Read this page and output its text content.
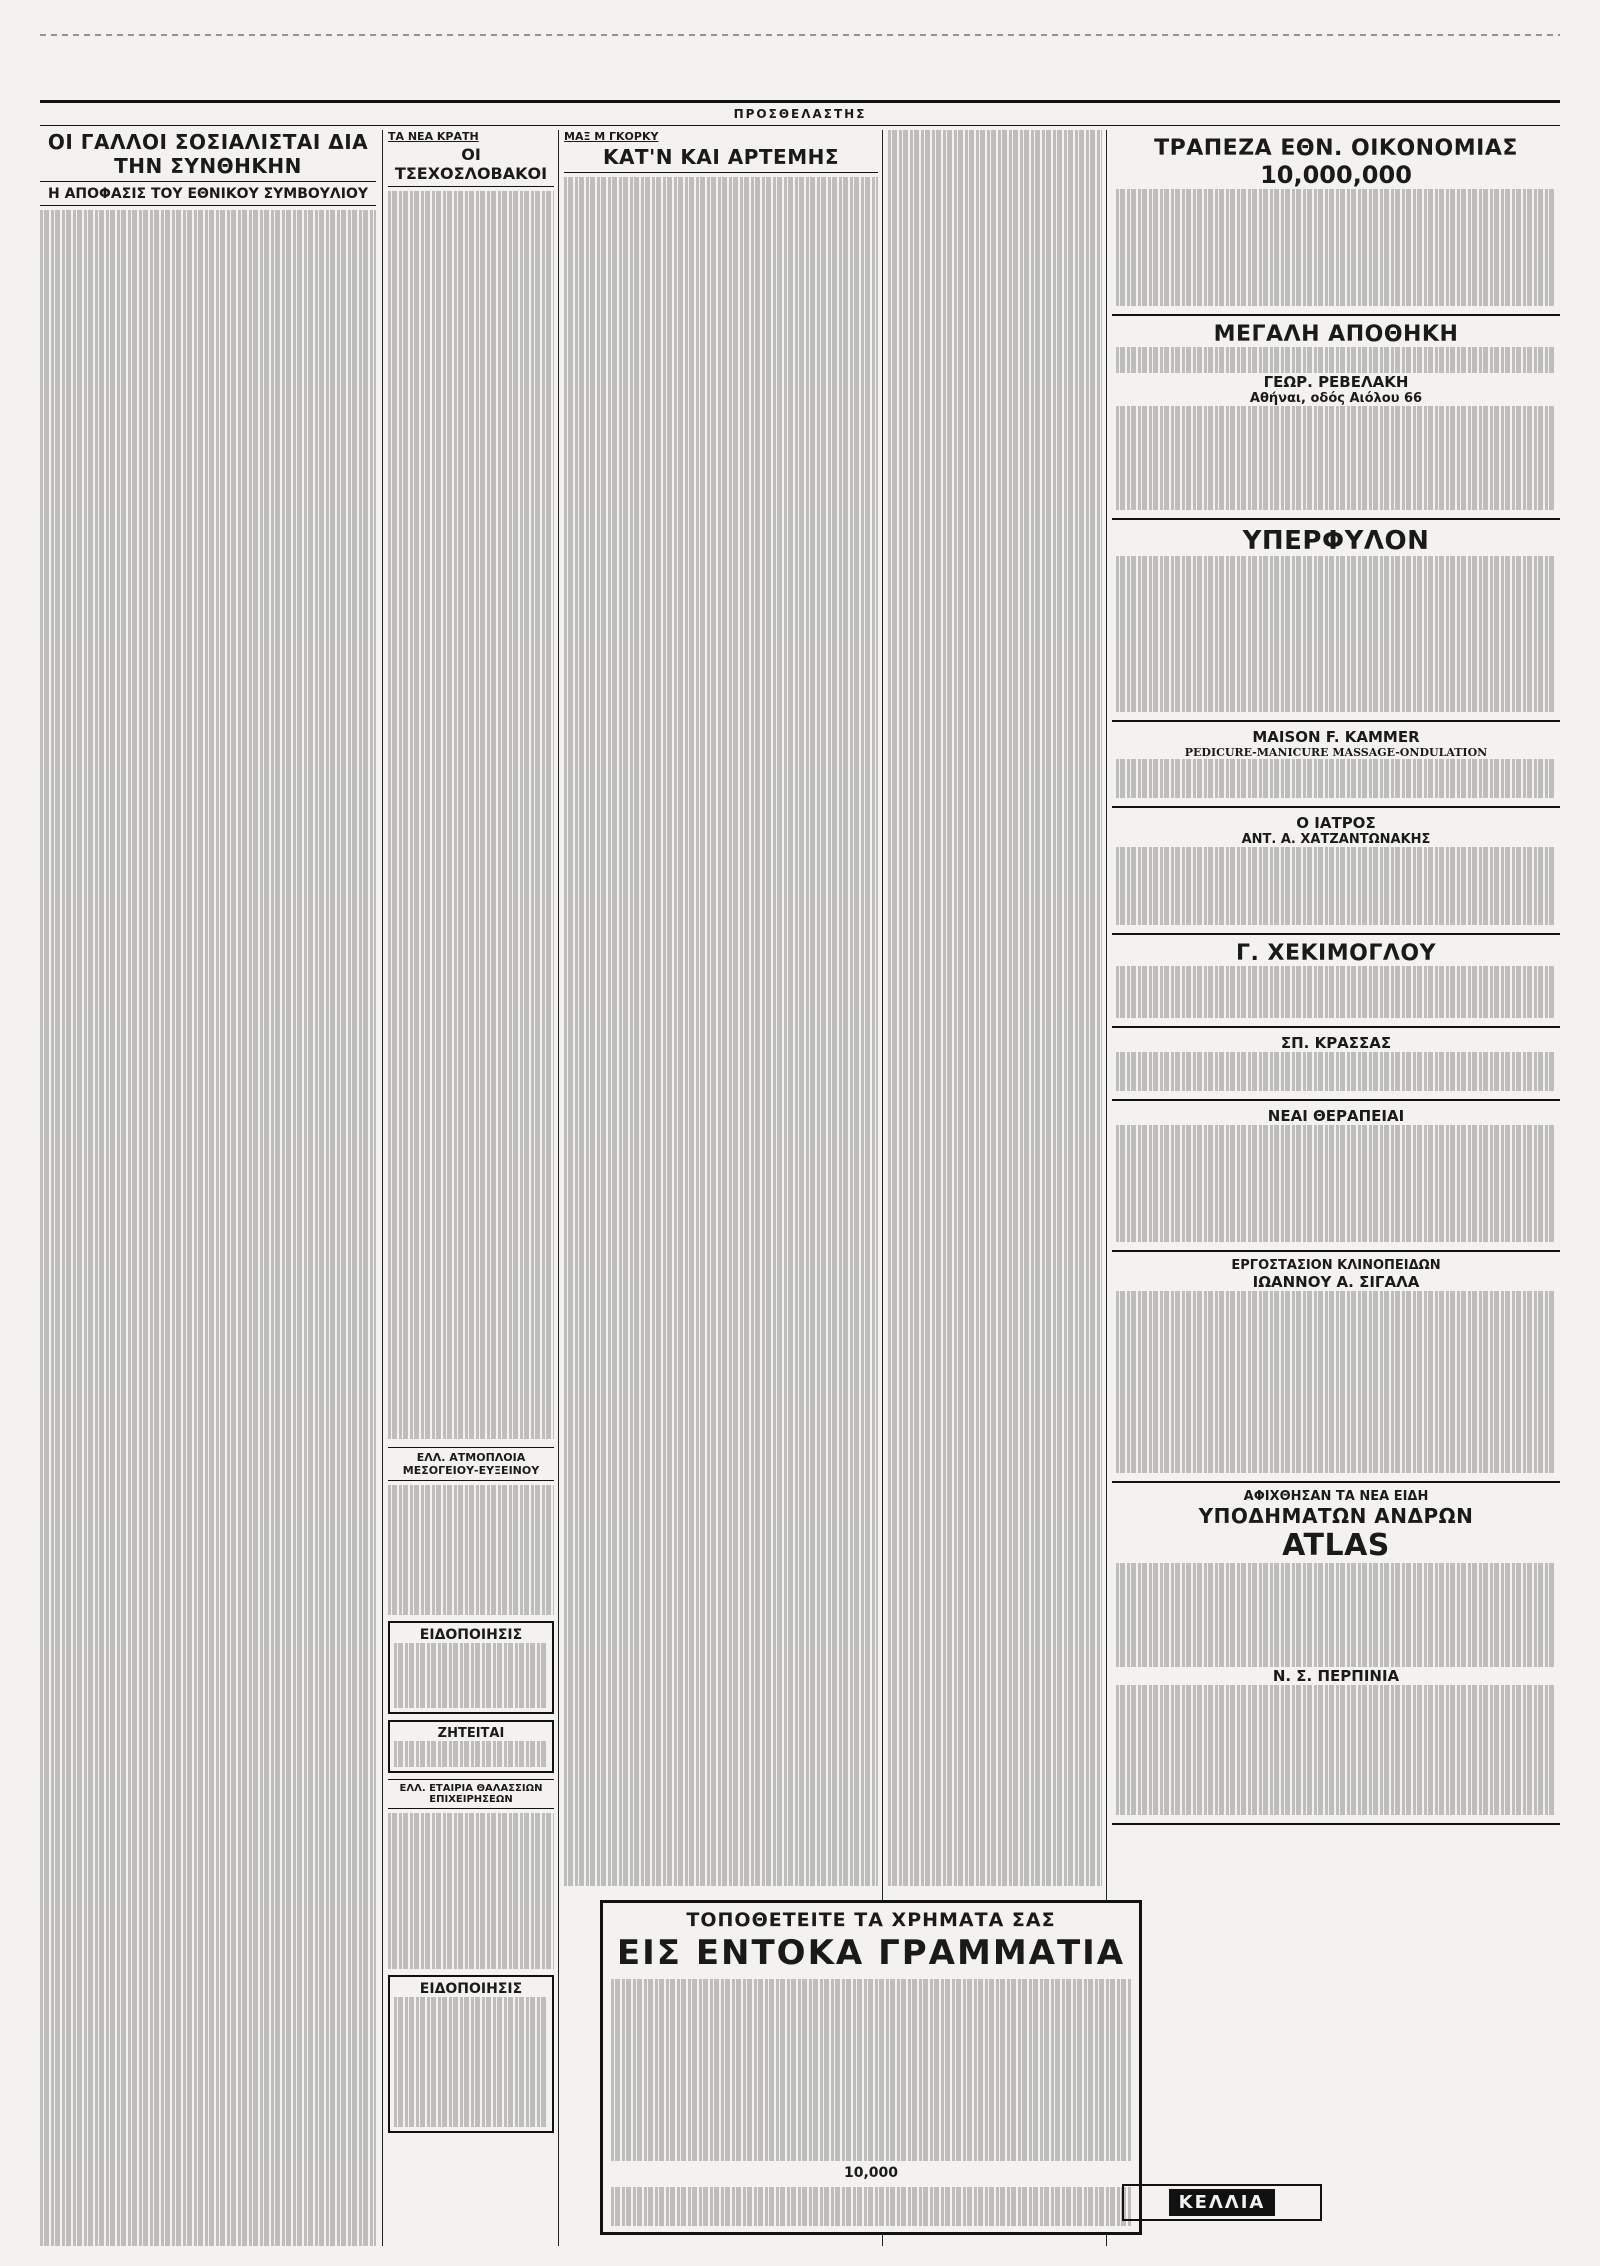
ΠΡΟΣΘΕΛΑΣΤΗΣ
ΟΙ ΓΑΛΛΟΙ ΣΟΣΙΑΛΙΣΤΑΙ ΔΙΑ ΤΗΝ ΣΥΝΘΗΚΗΝ
Η ΑΠΟΦΑΣΙΣ ΤΟΥ ΕΘΝΙΚΟΥ ΣΥΜΒΟΥΛΙΟΥ
ΤΑ ΝΕΑ ΚΡΑΤΗ
ΟΙ ΤΣΕΧΟΣΛΟΒΑΚΟΙ
ΕΛΛ. ΑΤΜΟΠΛΟΙΑ ΜΕΣΟΓΕΙΟΥ-ΕΥΞΕΙΝΟΥ
ΕΙΔΟΠΟΙΗΣΙΣ
ΖΗΤΕΙΤΑΙ
ΕΛΛ. ΕΤΑΙΡΙΑ ΘΑΛΑΣΣΙΩΝ ΕΠΙΧΕΙΡΗΣΕΩΝ
ΕΙΔΟΠΟΙΗΣΙΣ
ΜΑΞ Μ ΓΚΟΡΚΥ
ΚΑΤ'Ν ΚΑΙ ΑΡΤΕΜΗΣ
ΤΟΠΟΘΕΤΕΙΤΕ ΤΑ ΧΡΗΜΑΤΑ ΣΑΣ
ΕΙΣ ΕΝΤΟΚΑ ΓΡΑΜΜΑΤΙΑ
10,000
ΚΕΛΛΙΑ
ΤΡΑΠΕΖΑ ΕΘΝ. ΟΙΚΟΝΟΜΙΑΣ
10,000,000
ΜΕΓΑΛΗ ΑΠΟΘΗΚΗ
ΓΕΩΡ. ΡΕΒΕΛΑΚΗ
Αθήναι, οδός Αιόλου 66
ΥΠΕΡΦΥΛΟΝ
MAISON F. KAMMER
PEDICURE-MANICURE MASSAGE-ONDULATION
Ο ΙΑΤΡΟΣ
ΑΝΤ. Α. ΧΑΤΖΑΝΤΩΝΑΚΗΣ
Γ. ΧΕΚΙΜΟΓΛΟΥ
ΣΠ. ΚΡΑΣΣΑΣ
ΝΕΑΙ ΘΕΡΑΠΕΙΑΙ
ΕΡΓΟΣΤΑΣΙΟΝ ΚΛΙΝΟΠΕΙΔΩΝ
ΙΩΑΝΝΟΥ Α. ΣΙΓΑΛΑ
ΑΦΙΧΘΗΣΑΝ ΤΑ ΝΕΑ ΕΙΔΗ
ΥΠΟΔΗΜΑΤΩΝ ΑΝΔΡΩΝ
ATLAS
Ν. Σ. ΠΕΡΠΙΝΙΑ
